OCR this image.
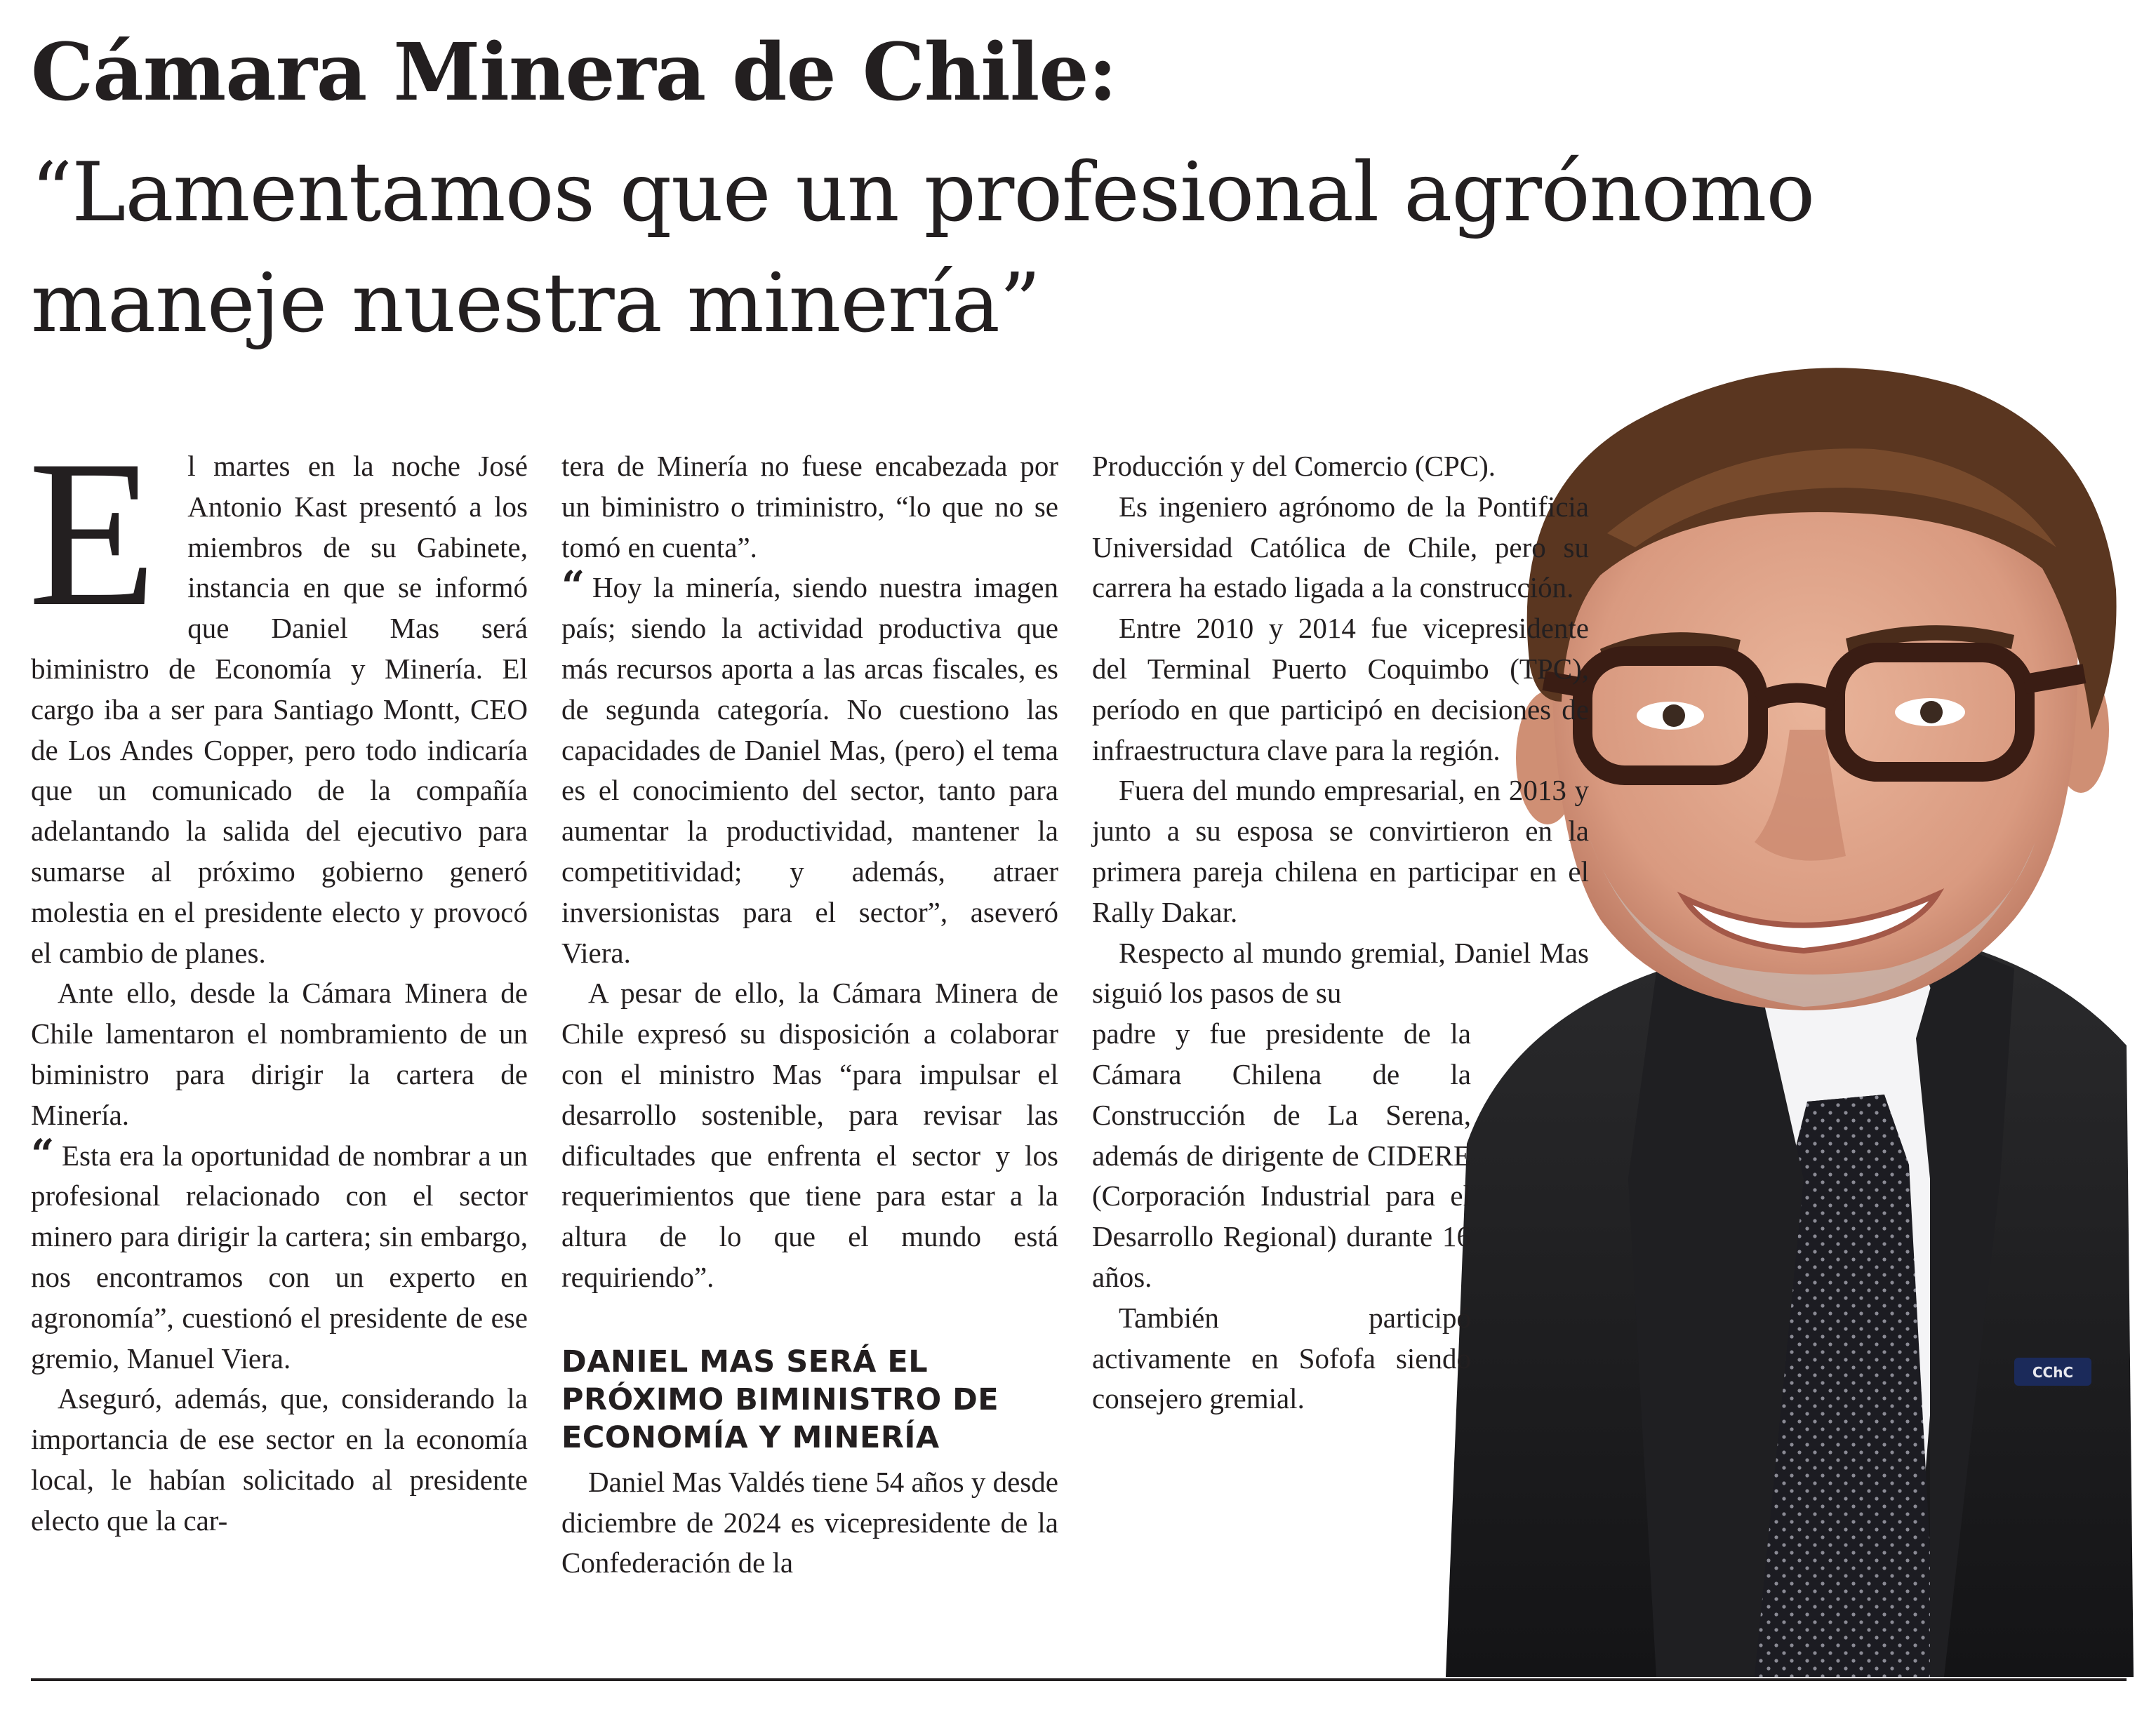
Cámara Minera de Chile:
“Lamentamos que un profesional agrónomo maneje nuestra minería”
CChC
E	l martes en la noche José Antonio Kast presentó a los miembros de su Gabinete, instancia en que se informó que Daniel Mas será biministro de Economía y Minería. El cargo iba a ser para Santiago Montt, CEO de Los Andes Copper, pero todo indicaría que un comunicado de la compañía adelantando la salida del ejecutivo para sumarse al próximo gobierno generó molestia en el presidente electo y provocó el cambio de planes.

Ante ello, desde la Cámara Minera de Chile lamentaron el nombramiento de un biministro para dirigir la cartera de Minería.

“ Esta era la oportunidad de nombrar a un profesional relacionado con el sector minero para dirigir la cartera; sin embargo, nos encontramos con un experto en agronomía”, cuestionó el presidente de ese gremio, Manuel Viera.

Aseguró, además, que, considerando la importancia de ese sector en la economía local, le habían solicitado al presidente electo que la car-

tera de Minería no fuese encabezada por un biministro o triministro, “lo que no se tomó en cuenta”.

“ Hoy la minería, siendo nuestra imagen país; siendo la actividad productiva que más recursos aporta a las arcas fiscales, es de segunda categoría. No cuestiono las capacidades de Daniel Mas, (pero) el tema es el conocimiento del sector, tanto para aumentar la productividad, mantener la competitividad; y además, atraer inversionistas para el sector”, aseveró Viera.

A pesar de ello, la Cámara Minera de Chile expresó su disposición a colaborar con el ministro Mas “para impulsar el desarrollo sostenible, para revisar las dificultades que enfrenta el sector y los requerimientos que tiene para estar a la altura de lo que el mundo está requiriendo”.

DANIEL MAS SERÁ EL PRÓXIMO BIMINISTRO DE ECONOMÍA Y MINERÍA

Daniel Mas Valdés tiene 54 años y desde diciembre de 2024 es vicepresidente de la Confederación de la

Producción y del Comercio (CPC).

Es ingeniero agrónomo de la Pontificia Universidad Católica de Chile, pero su carrera ha estado ligada a la construcción.

Entre 2010 y 2014 fue vicepresidente del Terminal Puerto Coquimbo (TPC), período en que participó en decisiones de infraestructura clave para la región.

Fuera del mundo empresarial, en 2013 y junto a su esposa se convirtieron en la primera pareja chilena en participar en el Rally Dakar.

Respecto al mundo gremial, Daniel Mas siguió los pasos de su

padre y fue presidente de la Cámara Chilena de la Construcción de La Serena, además de dirigente de CIDERE (Corporación Industrial para el Desarrollo Regional) durante 16 años.

También participó activamente en Sofofa siendo consejero gremial.
